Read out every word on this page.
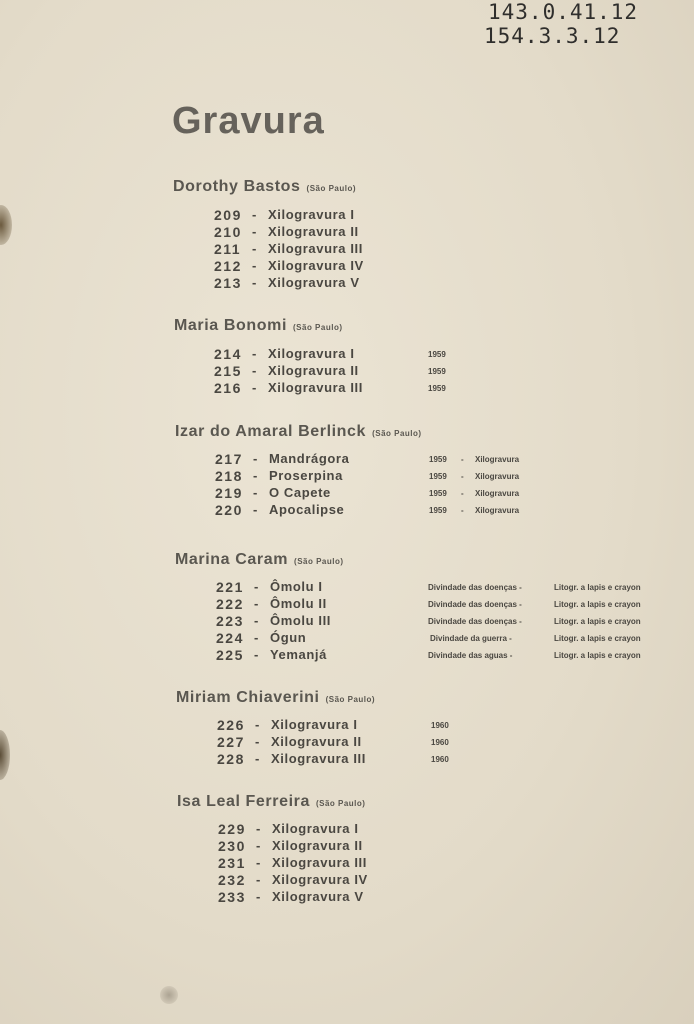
143.0.41.12
154.3.3.12
Gravura
Dorothy Bastos (São Paulo)
209 - Xilogravura I
210 - Xilogravura II
211 - Xilogravura III
212 - Xilogravura IV
213 - Xilogravura V
Maria Bonomi (São Paulo)
214 - Xilogravura I	1959
215 - Xilogravura II	1959
216 - Xilogravura III	1959
Izar do Amaral Berlinck (São Paulo)
217 - Mandrágora	1959 - Xilogravura
218 - Proserpina	1959 - Xilogravura
219 - O Capete	1959 - Xilogravura
220 - Apocalipse	1959 - Xilogravura
Marina Caram (São Paulo)
221 - Ômolu I	Divindade das doenças -	Litogr. a lapis e crayon
222 - Ômolu II	Divindade das doenças -	Litogr. a lapis e crayon
223 - Ômolu III	Divindade das doenças -	Litogr. a lapis e crayon
224 - Ógun	Divindade da guerra -	Litogr. a lapis e crayon
225 - Yemanjá	Divindade das aguas -	Litogr. a lapis e crayon
Miriam Chiaverini (São Paulo)
226 - Xilogravura I	1960
227 - Xilogravura II	1960
228 - Xilogravura III	1960
Isa Leal Ferreira (São Paulo)
229 - Xilogravura I
230 - Xilogravura II
231 - Xilogravura III
232 - Xilogravura IV
233 - Xilogravura V
